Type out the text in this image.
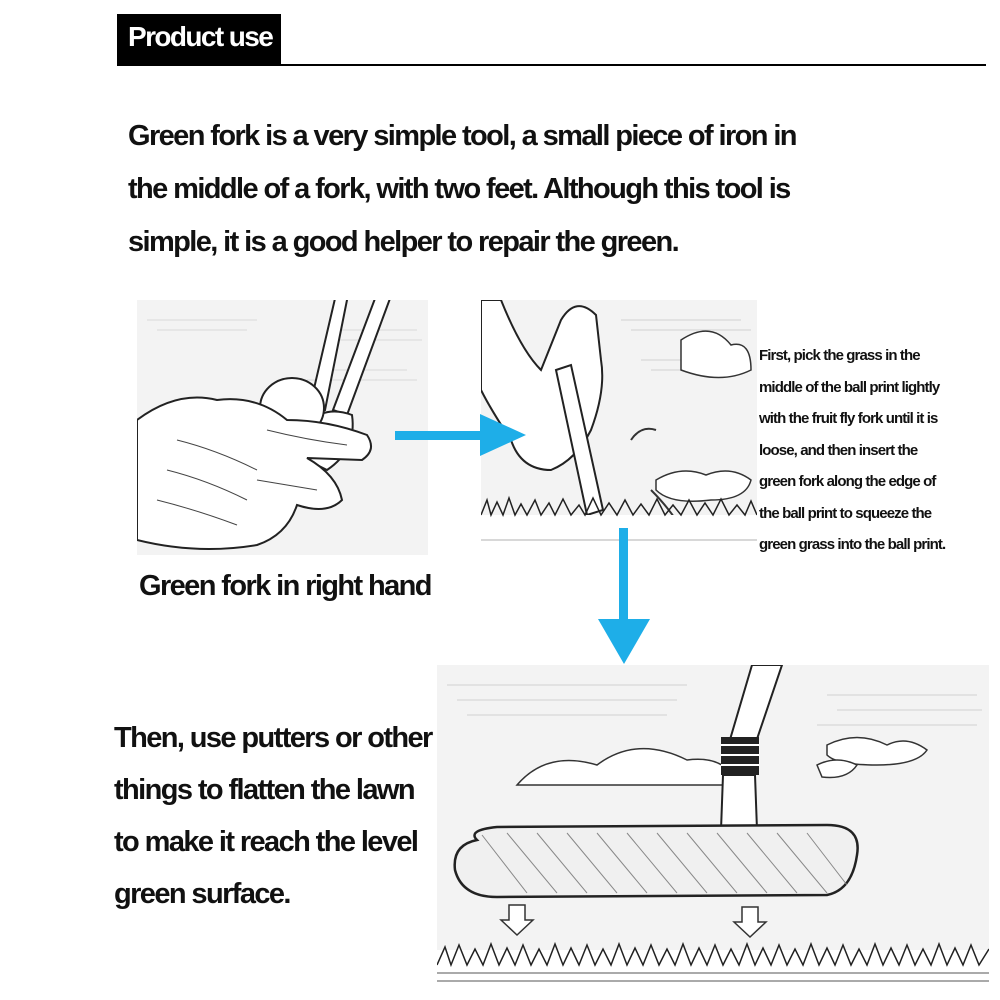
Product use
Green fork is a very simple tool, a small piece of iron in
the middle of a fork, with two feet. Although this tool is
simple, it is a good helper to repair the green.
Green fork in right hand
First, pick the grass in the
middle of the ball print lightly
with the fruit fly fork until it is
loose, and then insert the
green fork along the edge of
the ball print to squeeze the
green grass into the ball print.
Then, use putters or other
things to flatten the lawn
to make it reach the level
green surface.
